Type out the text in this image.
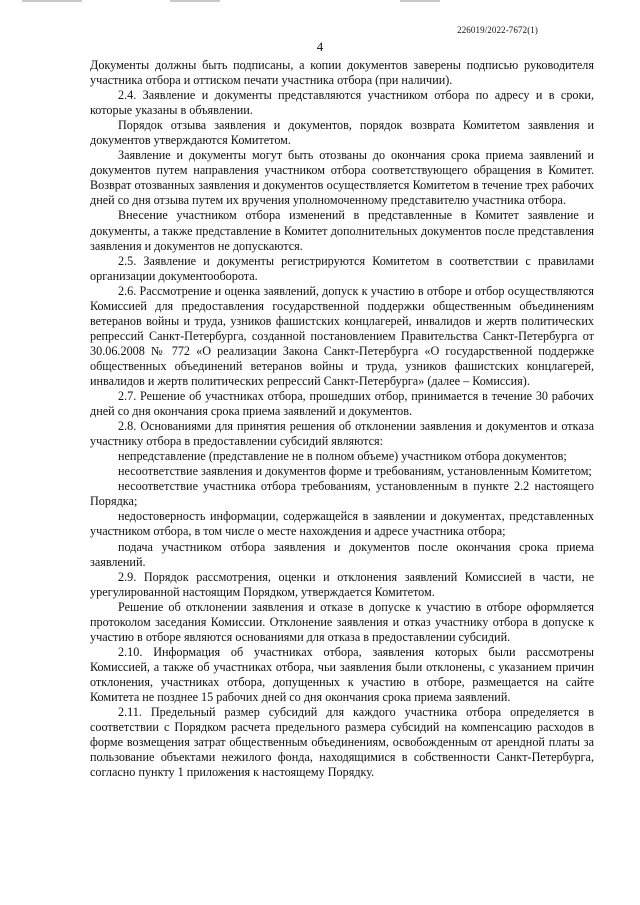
226019/2022-7672(1)
4

Документы должны быть подписаны, а копии документов заверены подписью руководителя участника отбора и оттиском печати участника отбора (при наличии).

2.4. Заявление и документы представляются участником отбора по адресу и в сроки, которые указаны в объявлении.

Порядок отзыва заявления и документов, порядок возврата Комитетом заявления и документов утверждаются Комитетом.

Заявление и документы могут быть отозваны до окончания срока приема заявлений и документов путем направления участником отбора соответствующего обращения в Комитет. Возврат отозванных заявления и документов осуществляется Комитетом в течение трех рабочих дней со дня отзыва путем их вручения уполномоченному представителю участника отбора.

Внесение участником отбора изменений в представленные в Комитет заявление и документы, а также представление в Комитет дополнительных документов после представления заявления и документов не допускаются.

2.5. Заявление и документы регистрируются Комитетом в соответствии с правилами организации документооборота.

2.6. Рассмотрение и оценка заявлений, допуск к участию в отборе и отбор осуществляются Комиссией для предоставления государственной поддержки общественным объединениям ветеранов войны и труда, узников фашистских концлагерей, инвалидов и жертв политических репрессий Санкт-Петербурга, созданной постановлением Правительства Санкт-Петербурга от 30.06.2008 № 772 «О реализации Закона Санкт-Петербурга «О государственной поддержке общественных объединений ветеранов войны и труда, узников фашистских концлагерей, инвалидов и жертв политических репрессий Санкт-Петербурга» (далее – Комиссия).

2.7. Решение об участниках отбора, прошедших отбор, принимается в течение 30 рабочих дней со дня окончания срока приема заявлений и документов.

2.8. Основаниями для принятия решения об отклонении заявления и документов и отказа участнику отбора в предоставлении субсидий являются:

непредставление (представление не в полном объеме) участником отбора документов;

несоответствие заявления и документов форме и требованиям, установленным Комитетом;

несоответствие участника отбора требованиям, установленным в пункте 2.2 настоящего Порядка;

недостоверность информации, содержащейся в заявлении и документах, представленных участником отбора, в том числе о месте нахождения и адресе участника отбора;

подача участником отбора заявления и документов после окончания срока приема заявлений.

2.9. Порядок рассмотрения, оценки и отклонения заявлений Комиссией в части, не урегулированной настоящим Порядком, утверждается Комитетом.

Решение об отклонении заявления и отказе в допуске к участию в отборе оформляется протоколом заседания Комиссии. Отклонение заявления и отказ участнику отбора в допуске к участию в отборе являются основаниями для отказа в предоставлении субсидий.

2.10. Информация об участниках отбора, заявления которых были рассмотрены Комиссией, а также об участниках отбора, чьи заявления были отклонены, с указанием причин отклонения, участниках отбора, допущенных к участию в отборе, размещается на сайте Комитета не позднее 15 рабочих дней со дня окончания срока приема заявлений.

2.11. Предельный размер субсидий для каждого участника отбора определяется в соответствии с Порядком расчета предельного размера субсидий на компенсацию расходов в форме возмещения затрат общественным объединениям, освобожденным от арендной платы за пользование объектами нежилого фонда, находящимися в собственности Санкт-Петербурга, согласно пункту 1 приложения к настоящему Порядку.
